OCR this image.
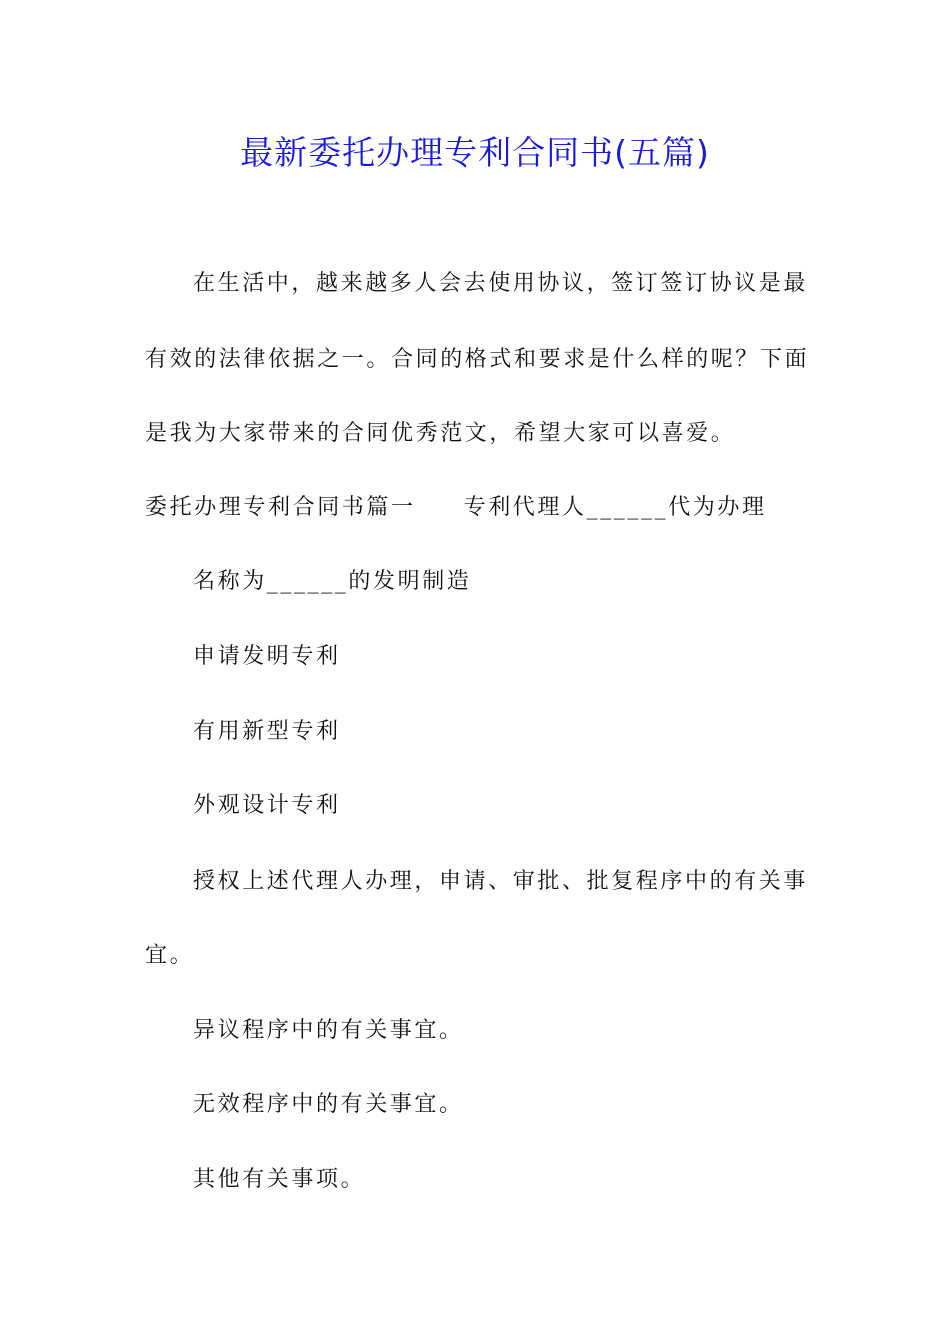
最新委托办理专利合同书(五篇)
在生活中，越来越多人会去使用协议，签订签订协议是最
有效的法律依据之一。合同的格式和要求是什么样的呢？下面
是我为大家带来的合同优秀范文，希望大家可以喜爱。
委托办理专利合同书篇一 专利代理人______代为办理
名称为______的发明制造
申请发明专利
有用新型专利
外观设计专利
授权上述代理人办理，申请、审批、批复程序中的有关事
宜。
异议程序中的有关事宜。
无效程序中的有关事宜。
其他有关事项。
